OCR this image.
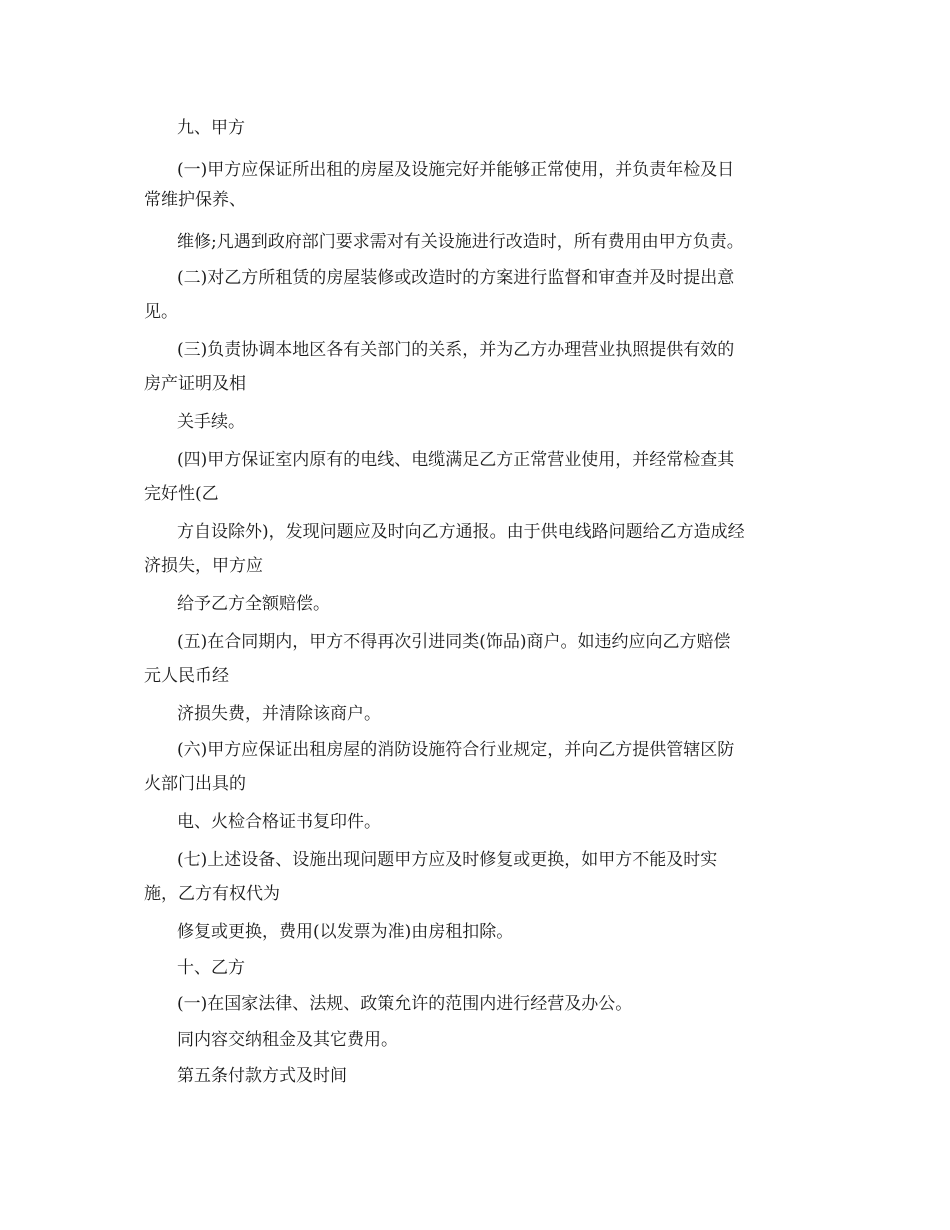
九、甲方

(一)甲方应保证所出租的房屋及设施完好并能够正常使用，并负责年检及日

常维护保养、

维修;凡遇到政府部门要求需对有关设施进行改造时，所有费用由甲方负责。

(二)对乙方所租赁的房屋装修或改造时的方案进行监督和审查并及时提出意

见。

(三)负责协调本地区各有关部门的关系，并为乙方办理营业执照提供有效的

房产证明及相

关手续。

(四)甲方保证室内原有的电线、电缆满足乙方正常营业使用，并经常检查其

完好性(乙

方自设除外)，发现问题应及时向乙方通报。由于供电线路问题给乙方造成经

济损失，甲方应

给予乙方全额赔偿。

(五)在合同期内，甲方不得再次引进同类(饰品)商户。如违约应向乙方赔偿

元人民币经

济损失费，并清除该商户。

(六)甲方应保证出租房屋的消防设施符合行业规定，并向乙方提供管辖区防

火部门出具的

电、火检合格证书复印件。

(七)上述设备、设施出现问题甲方应及时修复或更换，如甲方不能及时实

施，乙方有权代为

修复或更换，费用(以发票为准)由房租扣除。

十、乙方

(一)在国家法律、法规、政策允许的范围内进行经营及办公。

同内容交纳租金及其它费用。

第五条付款方式及时间
